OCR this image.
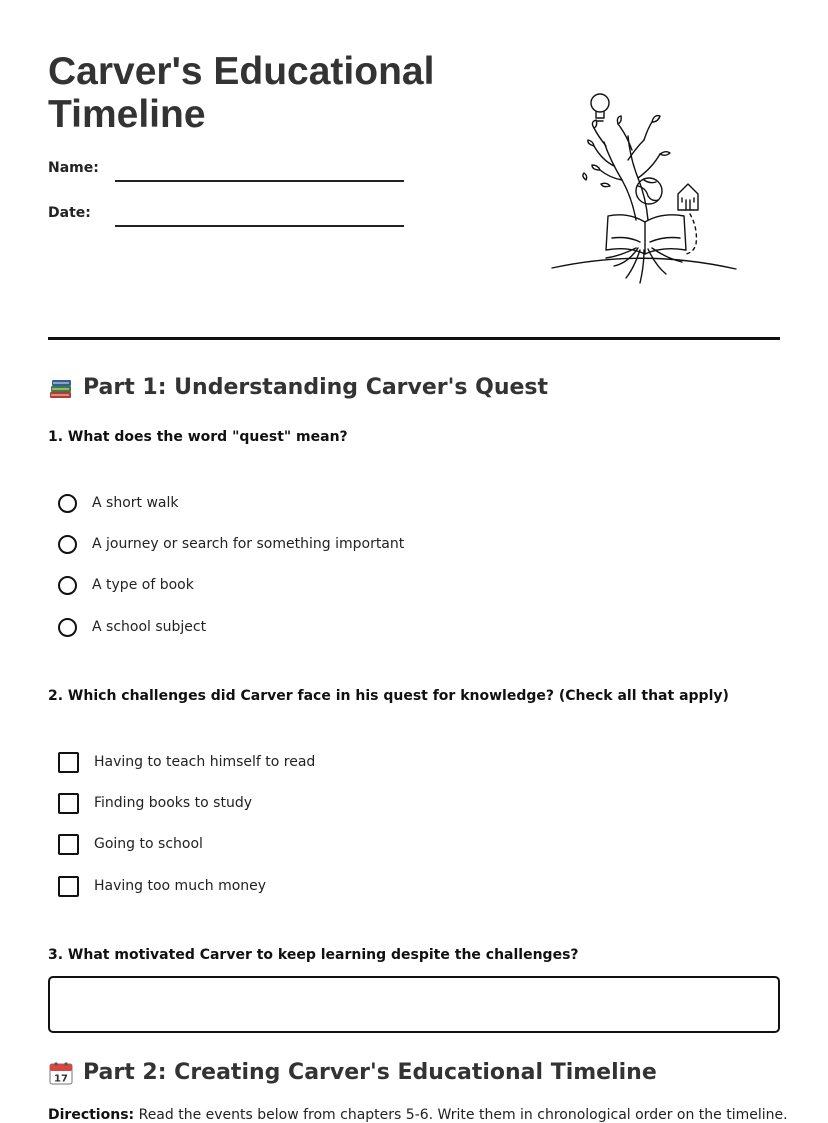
Carver's Educational Timeline
Name:
Date:
Part 1: Understanding Carver's Quest

1. What does the word "quest" mean?

A short walk
A journey or search for something important
A type of book
A school subject

2. Which challenges did Carver face in his quest for knowledge? (Check all that apply)

Having to teach himself to read
Finding books to study
Going to school
Having too much money

3. What motivated Carver to keep learning despite the challenges?

17 Part 2: Creating Carver's Educational Timeline
Directions: Read the events below from chapters 5-6. Write them in chronological order on the timeline.
